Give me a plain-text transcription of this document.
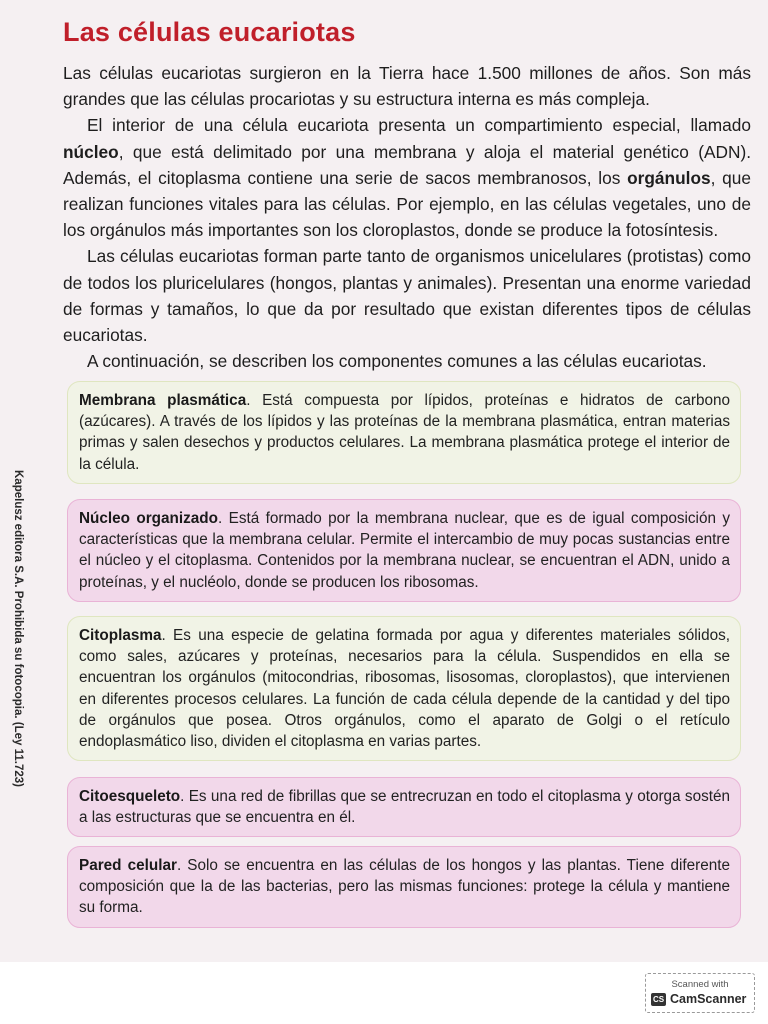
Las células eucariotas

Las células eucariotas surgieron en la Tierra hace 1.500 millones de años. Son más grandes que las células procariotas y su estructura interna es más compleja.

El interior de una célula eucariota presenta un compartimiento especial, llamado núcleo, que está delimitado por una membrana y aloja el material genético (ADN). Además, el citoplasma contiene una serie de sacos membranosos, los orgánulos, que realizan funciones vitales para las células. Por ejemplo, en las células vegetales, uno de los orgánulos más importantes son los cloroplastos, donde se produce la fotosíntesis.

Las células eucariotas forman parte tanto de organismos unicelulares (protistas) como de todos los pluricelulares (hongos, plantas y animales). Presentan una enorme variedad de formas y tamaños, lo que da por resultado que existan diferentes tipos de células eucariotas.

A continuación, se describen los componentes comunes a las células eucariotas.

Membrana plasmática. Está compuesta por lípidos, proteínas e hidratos de carbono (azúcares). A través de los lípidos y las proteínas de la membrana plasmática, entran materias primas y salen desechos y productos celulares. La membrana plasmática protege el interior de la célula.

Núcleo organizado. Está formado por la membrana nuclear, que es de igual composición y características que la membrana celular. Permite el intercambio de muy pocas sustancias entre el núcleo y el citoplasma. Contenidos por la membrana nuclear, se encuentran el ADN, unido a proteínas, y el nucléolo, donde se producen los ribosomas.

Citoplasma. Es una especie de gelatina formada por agua y diferentes materiales sólidos, como sales, azúcares y proteínas, necesarios para la célula. Suspendidos en ella se encuentran los orgánulos (mitocondrias, ribosomas, lisosomas, cloroplastos), que intervienen en diferentes procesos celulares. La función de cada célula depende de la cantidad y del tipo de orgánulos que posea. Otros orgánulos, como el aparato de Golgi o el retículo endoplasmático liso, dividen el citoplasma en varias partes.

Citoesqueleto. Es una red de fibrillas que se entrecruzan en todo el citoplasma y otorga sostén a las estructuras que se encuentra en él.

Pared celular. Solo se encuentra en las células de los hongos y las plantas. Tiene diferente composición que la de las bacterias, pero las mismas funciones: protege la célula y mantiene su forma.

Kapelusz editora S.A. Prohibida su fotocopia. (Ley 11.723)
Scanned with
CS CamScanner
